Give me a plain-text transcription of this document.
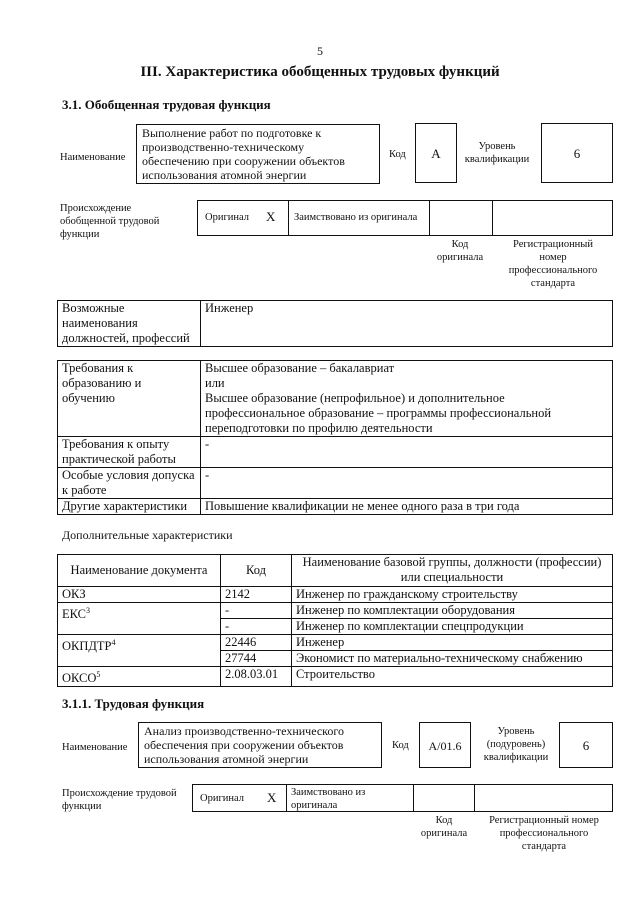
5
III. Характеристика обобщенных трудовых функций
3.1. Обобщенная трудовая функция
Наименование
Выполнение работ по подготовке к производственно-техническому обеспечению при сооружении объектов использования атомной энергии
Код	A	Уровень квалификации	6
Происхождение обобщенной трудовой функции
Оригинал X Заимствовано из оригинала
Код оригинала
Регистрационный номер профессионального стандарта
Возможные наименования должностей, профессий	Инженер
Требования к образованию и обучению	Высшее образование – бакалавриат
или
Высшее образование (непрофильное) и дополнительное
профессиональное образование – программы профессиональной
переподготовки по профилю деятельности

Требования к опыту практической работы	-
Особые условия допуска к работе	-
Другие характеристики	Повышение квалификации не менее одного раза в три года
Дополнительные характеристики
Наименование документа	Код	Наименование базовой группы, должности (профессии) или специальности
ОКЗ	2142	Инженер по гражданскому строительству
ЕКС$^3$	-	Инженер по комплектации оборудования
	-	Инженер по комплектации спецпродукции
ОКПДТР$^4$	22446	Инженер
	27744	Экономист по материально-техническому снабжению
ОКСО$^5$	2.08.03.01	Строительство
3.1.1. Трудовая функция
Наименование
Анализ производственно-технического обеспечения при сооружении объектов использования атомной энергии
Код	A/01.6
Уровень (подуровень) квалификации
6
Происхождение трудовой функции
Оригинал X Заимствовано из оригинала
Код оригинала
Регистрационный номер профессионального стандарта
